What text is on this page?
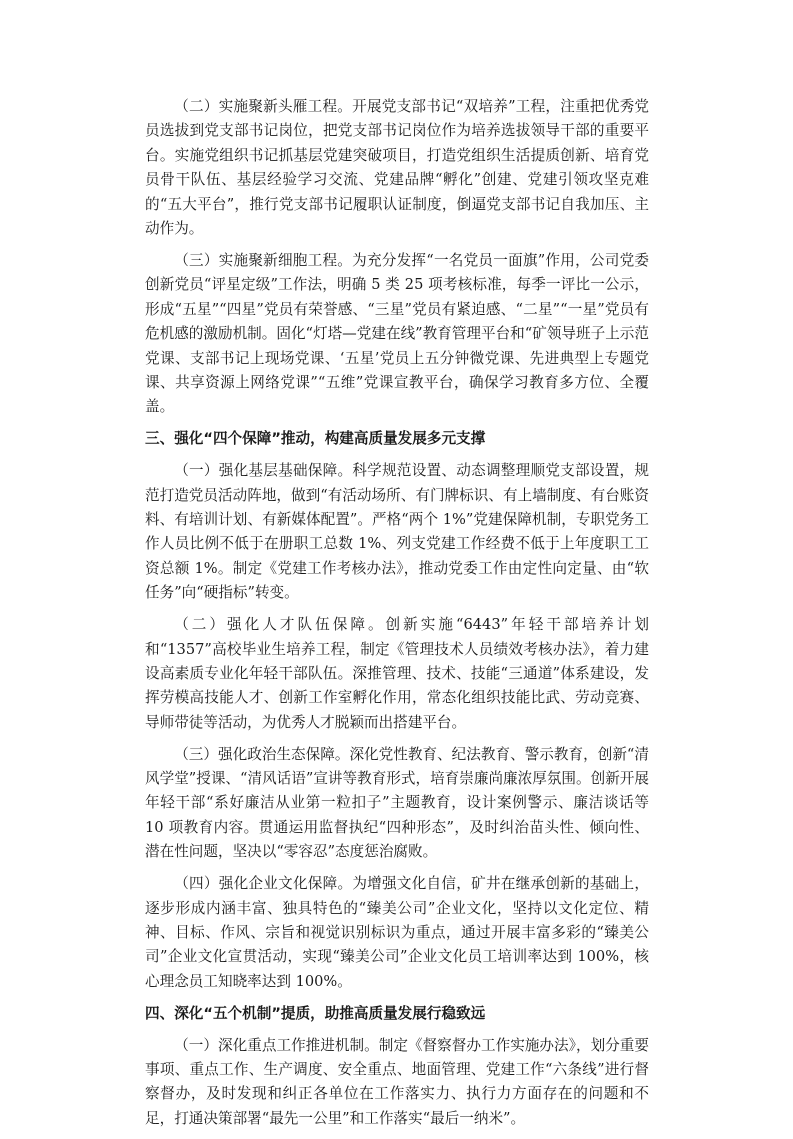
（二）实施聚新头雁工程。开展党支部书记“双培养”工程，注重把优秀党员选拔到党支部书记岗位，把党支部书记岗位作为培养选拔领导干部的重要平台。实施党组织书记抓基层党建突破项目，打造党组织生活提质创新、培育党员骨干队伍、基层经验学习交流、党建品牌“孵化”创建、党建引领攻坚克难的“五大平台”，推行党支部书记履职认证制度，倒逼党支部书记自我加压、主动作为。

（三）实施聚新细胞工程。为充分发挥“一名党员一面旗”作用，公司党委创新党员“评星定级”工作法，明确 5 类 25 项考核标准，每季一评比一公示，形成“五星”“四星”党员有荣誉感、“三星”党员有紧迫感、“二星”“一星”党员有危机感的激励机制。固化“灯塔—党建在线”教育管理平台和“矿领导班子上示范党课、支部书记上现场党课、‘五星’党员上五分钟微党课、先进典型上专题党课、共享资源上网络党课”“五维”党课宣教平台，确保学习教育多方位、全覆盖。

三、强化“四个保障”推动，构建高质量发展多元支撑

（一）强化基层基础保障。科学规范设置、动态调整理顺党支部设置，规范打造党员活动阵地，做到“有活动场所、有门牌标识、有上墙制度、有台账资料、有培训计划、有新媒体配置”。严格“两个 1%”党建保障机制，专职党务工作人员比例不低于在册职工总数 1%、列支党建工作经费不低于上年度职工工资总额 1%。制定《党建工作考核办法》，推动党委工作由定性向定量、由“软任务”向“硬指标”转变。

（二）强化人才队伍保障。创新实施“6443”年轻干部培养计划和“1357”高校毕业生培养工程，制定《管理技术人员绩效考核办法》，着力建设高素质专业化年轻干部队伍。深推管理、技术、技能“三通道”体系建设，发挥劳模高技能人才、创新工作室孵化作用，常态化组织技能比武、劳动竞赛、导师带徒等活动，为优秀人才脱颖而出搭建平台。

（三）强化政治生态保障。深化党性教育、纪法教育、警示教育，创新“清风学堂”授课、“清风话语”宣讲等教育形式，培育崇廉尚廉浓厚氛围。创新开展年轻干部“系好廉洁从业第一粒扣子”主题教育，设计案例警示、廉洁谈话等 10 项教育内容。贯通运用监督执纪“四种形态”，及时纠治苗头性、倾向性、潜在性问题，坚决以“零容忍”态度惩治腐败。

（四）强化企业文化保障。为增强文化自信，矿井在继承创新的基础上，逐步形成内涵丰富、独具特色的“臻美公司”企业文化，坚持以文化定位、精神、目标、作风、宗旨和视觉识别标识为重点，通过开展丰富多彩的“臻美公司”企业文化宣贯活动，实现“臻美公司”企业文化员工培训率达到 100%，核心理念员工知晓率达到 100%。

四、深化“五个机制”提质，助推高质量发展行稳致远

（一）深化重点工作推进机制。制定《督察督办工作实施办法》，划分重要事项、重点工作、生产调度、安全重点、地面管理、党建工作“六条线”进行督察督办，及时发现和纠正各单位在工作落实力、执行力方面存在的问题和不足，打通决策部署“最先一公里”和工作落实“最后一纳米”。
